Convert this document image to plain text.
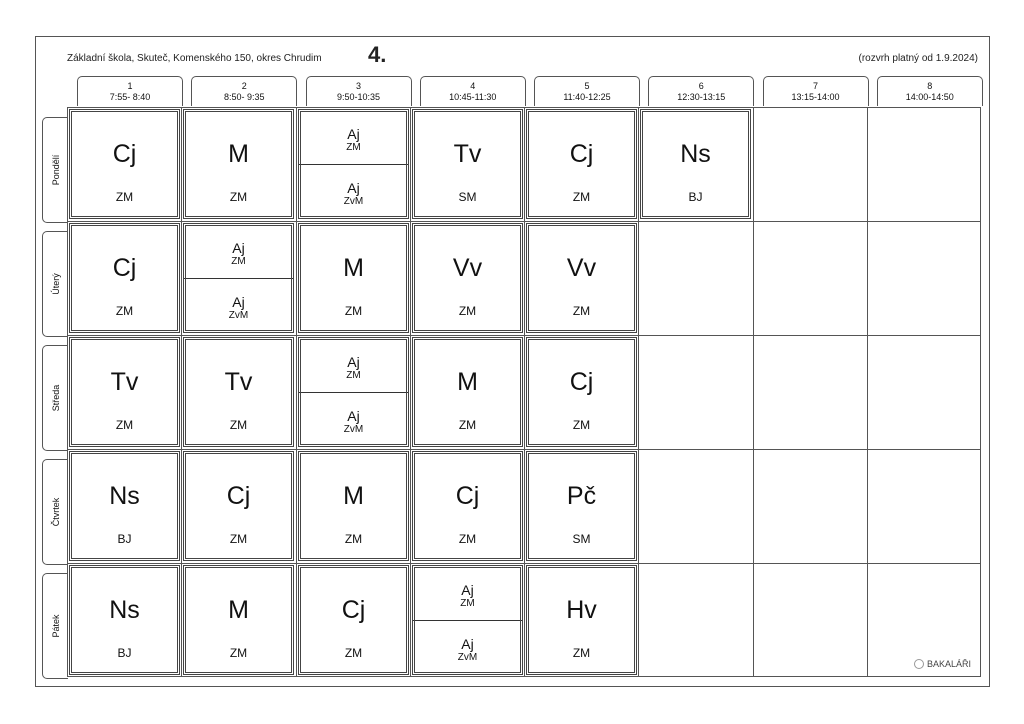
Základní škola, Skuteč, Komenského 150, okres Chrudim 4.	(rozvrh platný od 1.9.2024)
1
7:55- 8:40
2
8:50- 9:35
3
9:50-10:35
4
10:45-11:30
5
11:40-12:25
6
12:30-13:15
7
13:15-14:00
8
14:00-14:50
Pondělí
Úterý
Středa
Čtvrtek
Pátek
Cj
ZM
M
ZM
Aj
ZM
Aj
ZvM
Tv
SM
Cj
ZM
Ns
BJ
Cj
ZM
Aj
ZM
Aj
ZvM
M
ZM
Vv
ZM
Vv
ZM
Tv
ZM
Tv
ZM
Aj
ZM
Aj
ZvM
M
ZM
Cj
ZM
Ns
BJ
Cj
ZM
M
ZM
Cj
ZM
Pč
SM
Ns
BJ
M
ZM
Cj
ZM
Aj
ZM
Aj
ZvM
Hv
ZM
BAKALÁŘI
